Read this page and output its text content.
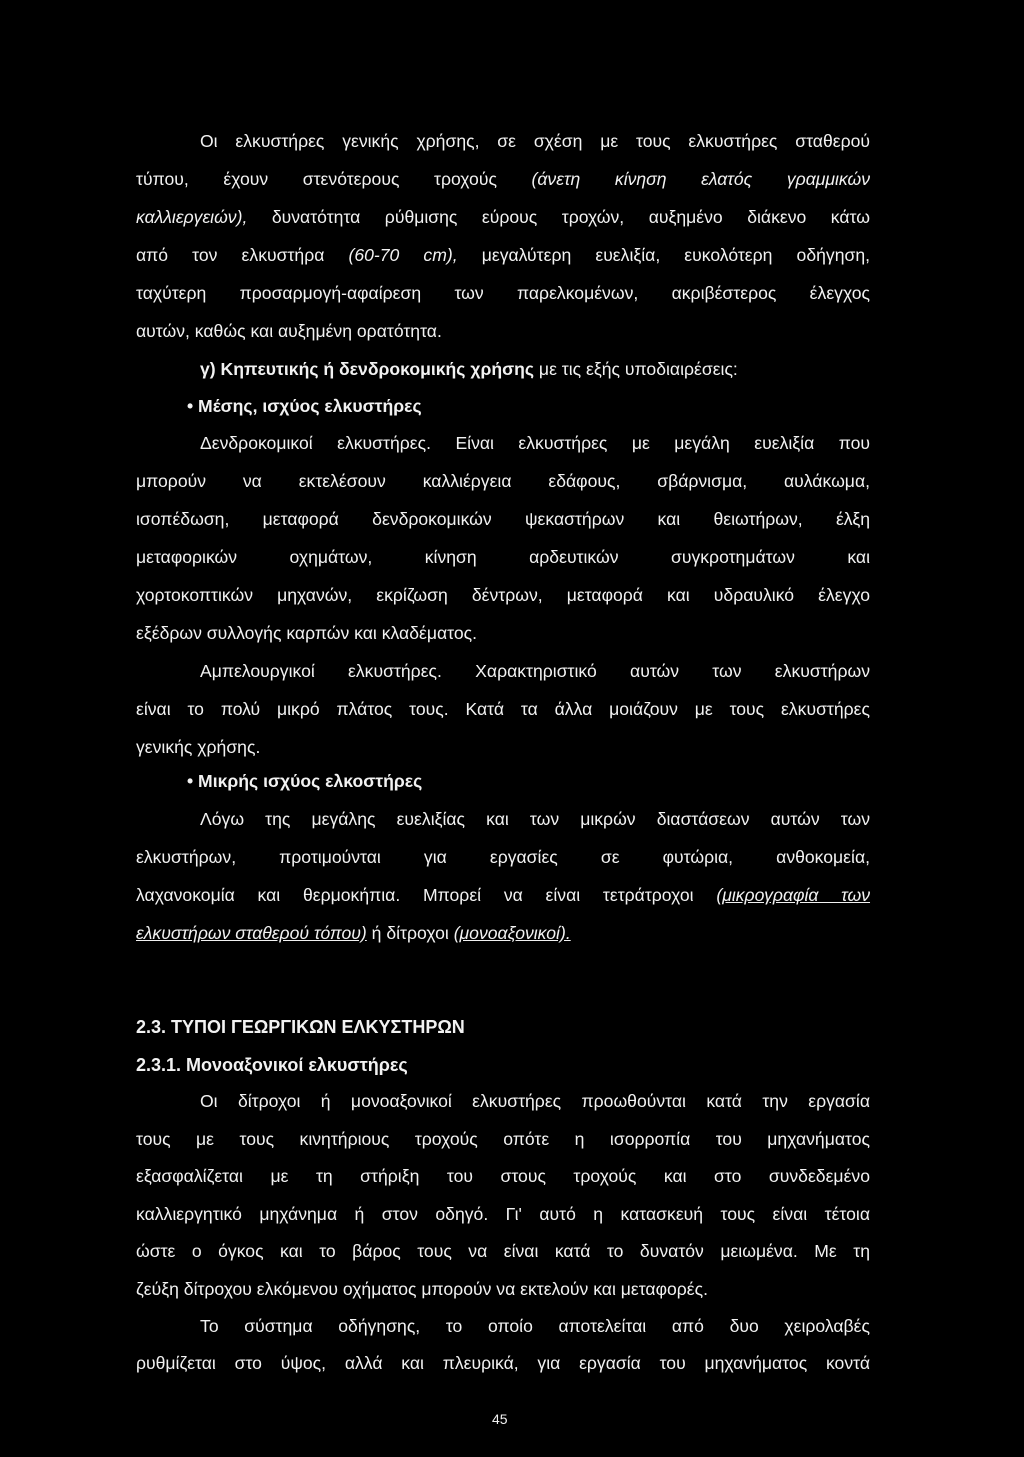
Οι ελκυστήρες γενικής χρήσης, σε σχέση με τους ελκυστήρες σταθερού
τύπου, έχουν στενότερους τροχούς (άνετη κίνηση ελατός γραμμικών
καλλιεργειών), δυνατότητα ρύθμισης εύρους τροχών, αυξημένο διάκενο κάτω
από τον ελκυστήρα (60-70 cm), μεγαλύτερη ευελιξία, ευκολότερη οδήγηση,
ταχύτερη προσαρμογή-αφαίρεση των παρελκομένων, ακριβέστερος έλεγχος
αυτών, καθώς και αυξημένη ορατότητα.
γ) Κηπευτικής ή δενδροκομικής χρήσης με τις εξής υποδιαιρέσεις:
• Μέσης, ισχύος ελκυστήρες
Δενδροκομικοί ελκυστήρες. Είναι ελκυστήρες με μεγάλη ευελιξία που
μπορούν να εκτελέσουν καλλιέργεια εδάφους, σβάρνισμα, αυλάκωμα,
ισοπέδωση, μεταφορά δενδροκομικών ψεκαστήρων και θειωτήρων, έλξη
μεταφορικών οχημάτων, κίνηση αρδευτικών συγκροτημάτων και
χορτοκοπτικών μηχανών, εκρίζωση δέντρων, μεταφορά και υδραυλικό έλεγχο
εξέδρων συλλογής καρπών και κλαδέματος.
Αμπελουργικοί ελκυστήρες. Χαρακτηριστικό αυτών των ελκυστήρων
είναι το πολύ μικρό πλάτος τους. Κατά τα άλλα μοιάζουν με τους ελκυστήρες
γενικής χρήσης.
• Μικρής ισχύος ελκοστήρες
Λόγω της μεγάλης ευελιξίας και των μικρών διαστάσεων αυτών των
ελκυστήρων, προτιμούνται για εργασίες σε φυτώρια, ανθοκομεία,
λαχανοκομία και θερμοκήπια. Μπορεί να είναι τετράτροχοι (μικρογραφία των
ελκυστήρων σταθερού τόπου) ή δίτροχοι (μονοαξονικοί).
2.3. ΤΥΠΟΙ ΓΕΩΡΓΙΚΩΝ ΕΛΚΥΣΤΗΡΩΝ
2.3.1. Μονοαξονικοί ελκυστήρες
Οι δίτροχοι ή μονοαξονικοί ελκυστήρες προωθούνται κατά την εργασία
τους με τους κινητήριους τροχούς οπότε η ισορροπία του μηχανήματος
εξασφαλίζεται με τη στήριξη του στους τροχούς και στο συνδεδεμένο
καλλιεργητικό μηχάνημα ή στον οδηγό. Γι' αυτό η κατασκευή τους είναι τέτοια
ώστε ο όγκος και το βάρος τους να είναι κατά το δυνατόν μειωμένα. Με τη
ζεύξη δίτροχου ελκόμενου οχήματος μπορούν να εκτελούν και μεταφορές.
Το σύστημα οδήγησης, το οποίο αποτελείται από δυο χειρολαβές
ρυθμίζεται στο ύψος, αλλά και πλευρικά, για εργασία του μηχανήματος κοντά
45
